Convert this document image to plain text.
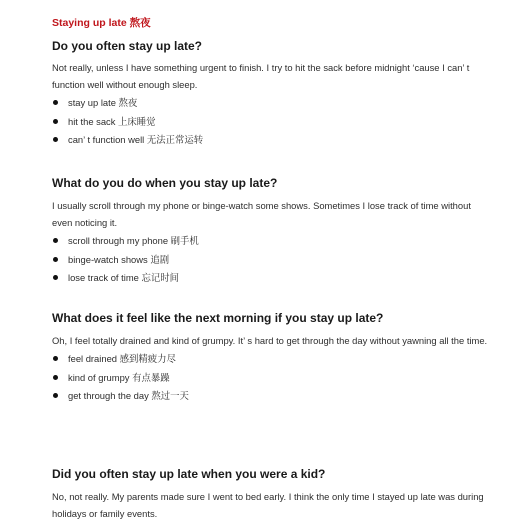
Staying up late 熬夜

Do you often stay up late?

Not really, unless I have something urgent to finish. I try to hit the sack before midnight ‘cause I can’ t function well without enough sleep.

stay up late 熬夜
hit the sack 上床睡觉
can’ t function well 无法正常运转

What do you do when you stay up late?

I usually scroll through my phone or binge-watch some shows. Sometimes I lose track of time without even noticing it.

scroll through my phone 刷手机
binge-watch shows 追剧
lose track of time 忘记时间

What does it feel like the next morning if you stay up late?

Oh, I feel totally drained and kind of grumpy. It’ s hard to get through the day without yawning all the time.

feel drained 感到精疲力尽
kind of grumpy 有点暴躁
get through the day 熬过一天

Did you often stay up late when you were a kid?

No, not really. My parents made sure I went to bed early. I think the only time I stayed up late was during holidays or family events.
